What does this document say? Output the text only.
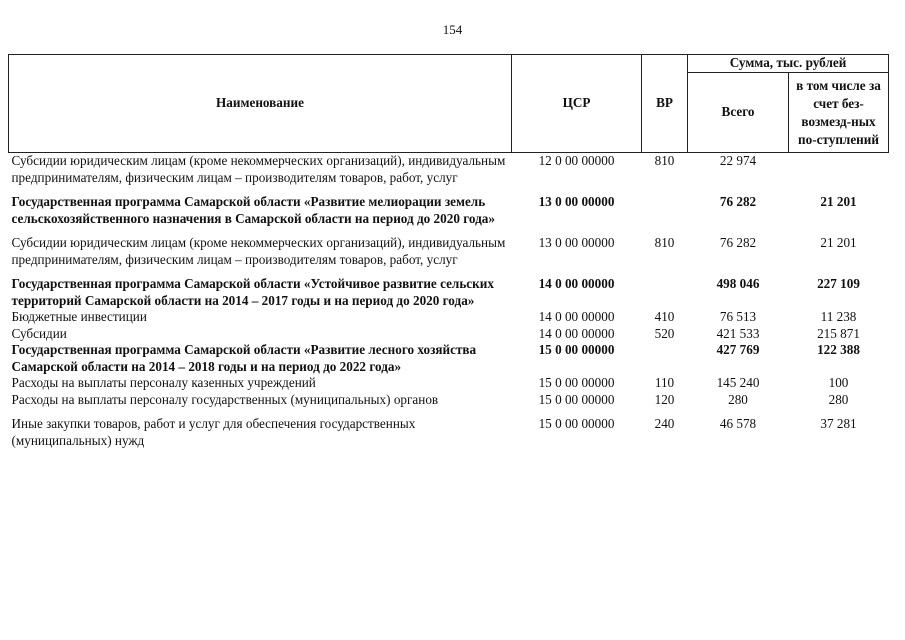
154
Наименование	ЦСР	ВР	Сумма, тыс. рублей	
			Всего	в том числе за счет без-возмезд-ных по-ступлений
Субсидии юридическим лицам (кроме некоммерческих организаций), индивидуальным предпринимателям, физическим лицам – производителям товаров, работ, услуг	12 0 00 00000	810	22 974	
Государственная программа Самарской области «Развитие мелиорации земель сельскохозяйственного назначения в Самарской области на период до 2020 года»	13 0 00 00000		76 282	21 201
Субсидии юридическим лицам (кроме некоммерческих организаций), индивидуальным предпринимателям, физическим лицам – производителям товаров, работ, услуг	13 0 00 00000	810	76 282	21 201
Государственная программа Самарской области «Устойчивое развитие сельских территорий Самарской области на 2014 – 2017 годы и на период до 2020 года»	14 0 00 00000		498 046	227 109
Бюджетные инвестиции	14 0 00 00000	410	76 513	11 238
Субсидии	14 0 00 00000	520	421 533	215 871
Государственная программа Самарской области «Развитие лесного хозяйства Самарской области на 2014 – 2018 годы и на период до 2022 года»	15 0 00 00000		427 769	122 388
Расходы на выплаты персоналу казенных учреждений	15 0 00 00000	110	145 240	100
Расходы на выплаты персоналу государственных (муниципальных) органов	15 0 00 00000	120	280	280
Иные закупки товаров, работ и услуг для обеспечения государственных (муниципальных) нужд	15 0 00 00000	240	46 578	37 281
